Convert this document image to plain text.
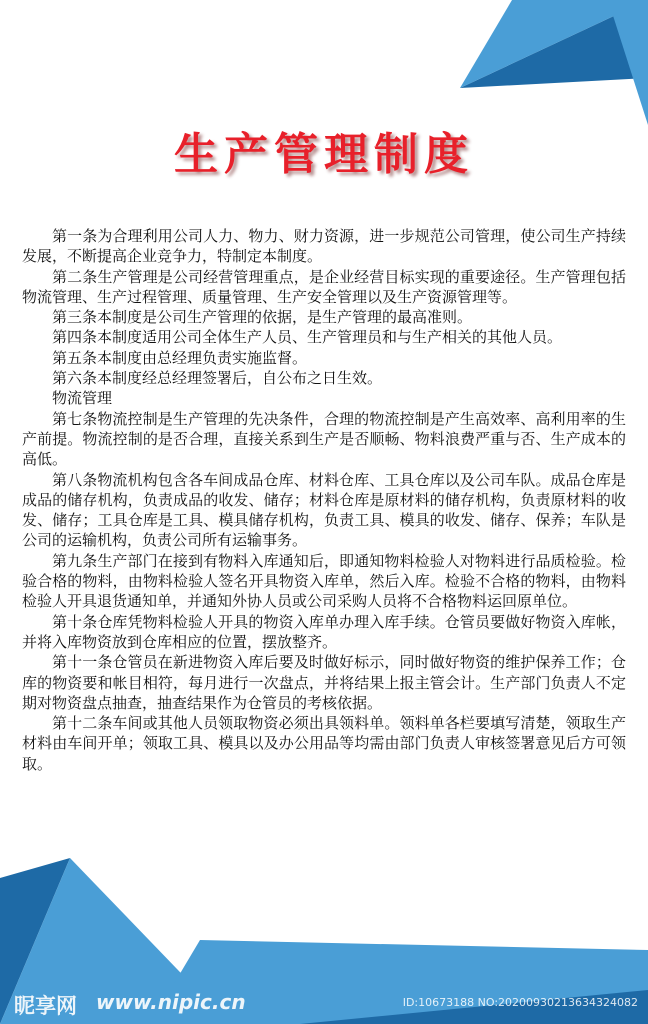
生产管理制度

第一条为合理利用公司人力、物力、财力资源，进一步规范公司管理，使公司生产持续发展，不断提高企业竞争力，特制定本制度。

第二条生产管理是公司经营管理重点，是企业经营目标实现的重要途径。生产管理包括物流管理、生产过程管理、质量管理、生产安全管理以及生产资源管理等。

第三条本制度是公司生产管理的依据，是生产管理的最高准则。

第四条本制度适用公司全体生产人员、生产管理员和与生产相关的其他人员。

第五条本制度由总经理负责实施监督。

第六条本制度经总经理签署后，自公布之日生效。

物流管理

第七条物流控制是生产管理的先决条件，合理的物流控制是产生高效率、高利用率的生产前提。物流控制的是否合理，直接关系到生产是否顺畅、物料浪费严重与否、生产成本的高低。

第八条物流机构包含各车间成品仓库、材料仓库、工具仓库以及公司车队。成品仓库是成品的储存机构，负责成品的收发、储存；材料仓库是原材料的储存机构，负责原材料的收发、储存；工具仓库是工具、模具储存机构，负责工具、模具的收发、储存、保养；车队是公司的运输机构，负责公司所有运输事务。

第九条生产部门在接到有物料入库通知后，即通知物料检验人对物料进行品质检验。检验合格的物料，由物料检验人签名开具物资入库单，然后入库。检验不合格的物料，由物料检验人开具退货通知单，并通知外协人员或公司采购人员将不合格物料运回原单位。

第十条仓库凭物料检验人开具的物资入库单办理入库手续。仓管员要做好物资入库帐，并将入库物资放到仓库相应的位置，摆放整齐。

第十一条仓管员在新进物资入库后要及时做好标示，同时做好物资的维护保养工作；仓库的物资要和帐目相符，每月进行一次盘点，并将结果上报主管会计。生产部门负责人不定期对物资盘点抽查，抽查结果作为仓管员的考核依据。

第十二条车间或其他人员领取物资必须出具领料单。领料单各栏要填写清楚，领取生产材料由车间开单；领取工具、模具以及办公用品等均需由部门负责人审核签署意见后方可领取。

昵享网 www.nipic.cn	ID:10673188 NO:20200930213634324082
